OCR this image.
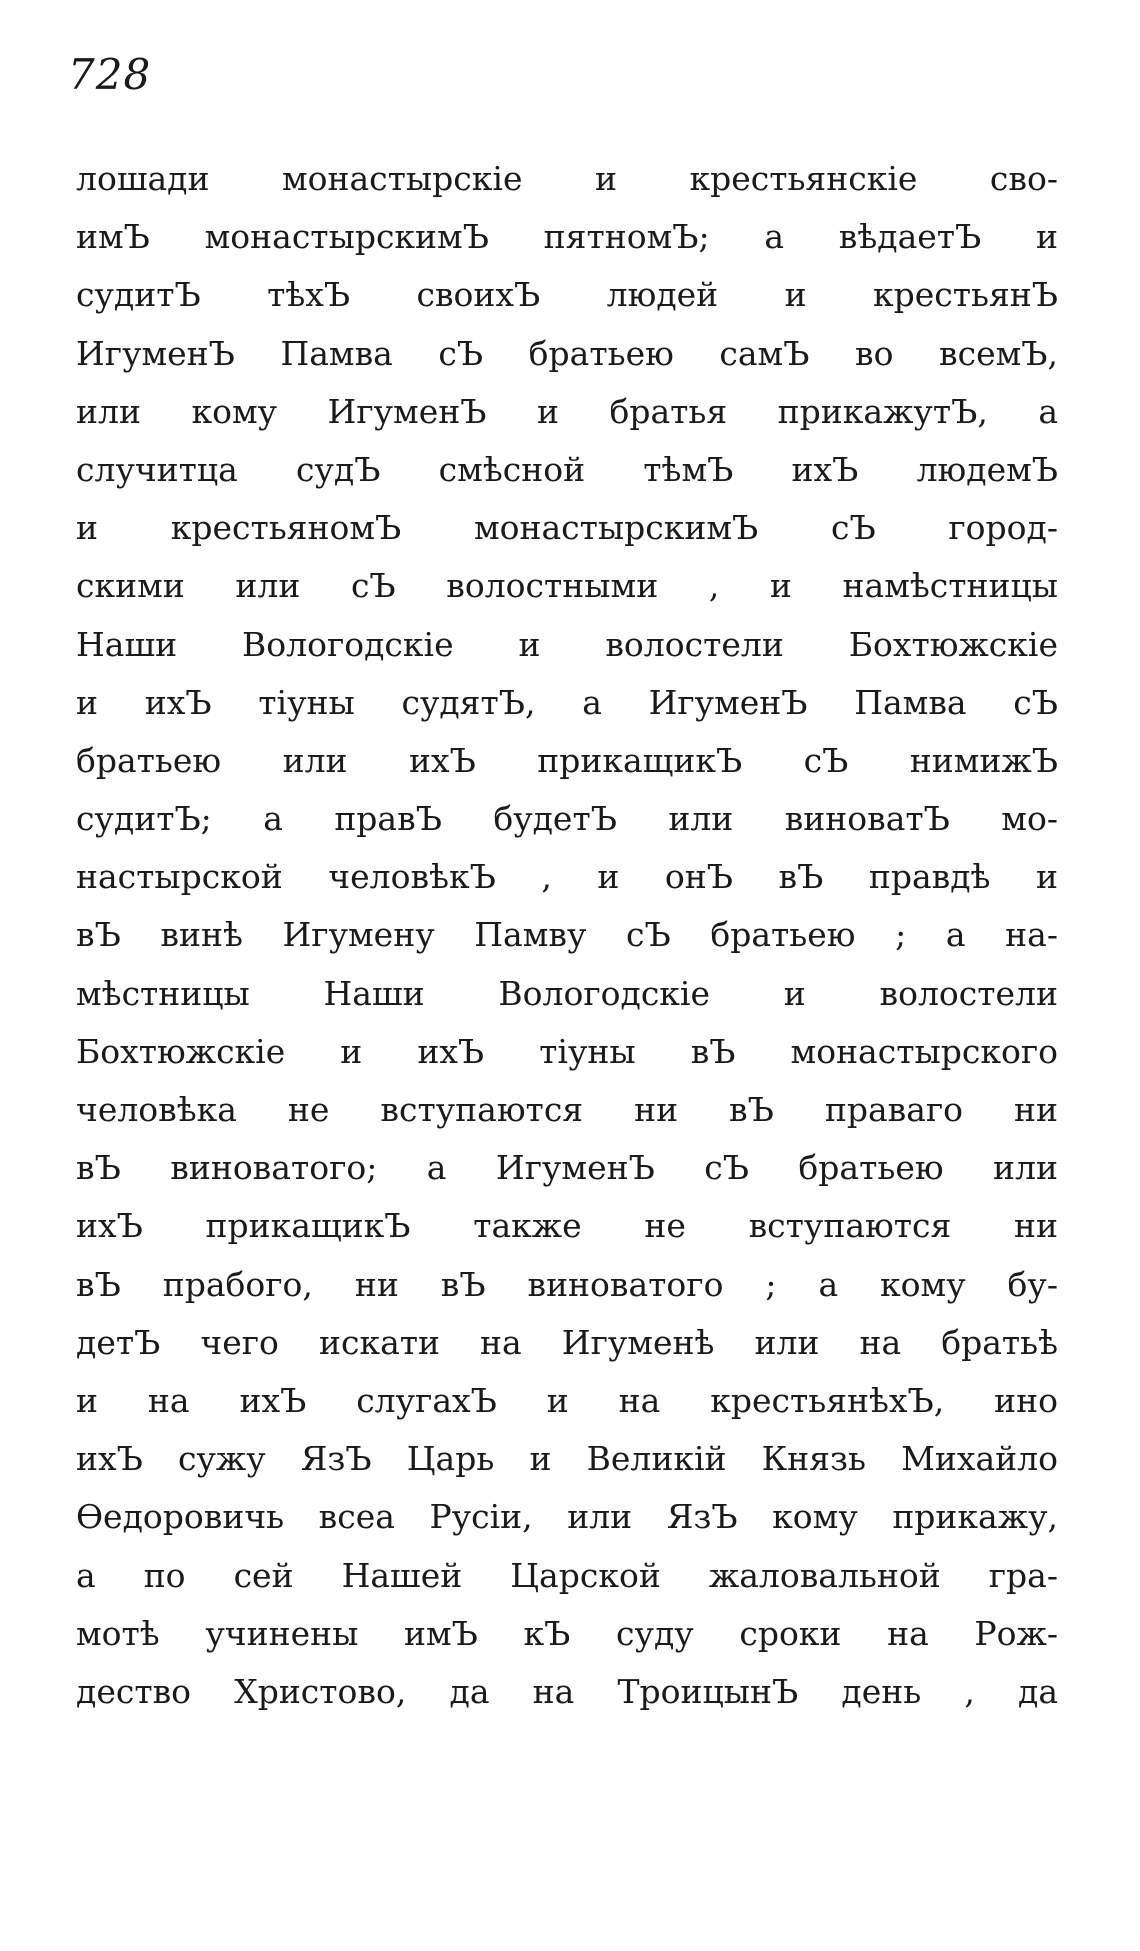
728
лошади монастырскіе и крестьянскіе сво-
имЪ монастырскимЪ пятномЪ; а вѣдаетЪ и
судитЪ тѣхЪ своихЪ людей и крестьянЪ
ИгуменЪ Памва сЪ братьею самЪ во всемЪ,
или кому ИгуменЪ и братья прикажутЪ, а
случитца судЪ смѣсной тѣмЪ ихЪ людемЪ
и крестьяномЪ монастырскимЪ сЪ город-
скими или сЪ волостными , и намѣстницы
Наши Вологодскіе и волостели Бохтюжскіе
и ихЪ тіуны судятЪ, а ИгуменЪ Памва сЪ
братьею или ихЪ прикащикЪ сЪ нимижЪ
судитЪ; а правЪ будетЪ или виноватЪ мо-
настырской человѣкЪ , и онЪ вЪ правдѣ и
вЪ винѣ Игумену Памву сЪ братьею ; а на-
мѣстницы Наши Вологодскіе и волостели
Бохтюжскіе и ихЪ тіуны вЪ монастырского
человѣка не вступаются ни вЪ праваго ни
вЪ виноватого; а ИгуменЪ сЪ братьею или
ихЪ прикащикЪ также не вступаются ни
вЪ прабого, ни вЪ виноватого ; а кому бу-
детЪ чего искати на Игуменѣ или на братьѣ
и на ихЪ слугахЪ и на крестьянѣхЪ, ино
ихЪ сужу ЯзЪ Царь и Великій Князь Михайло
Ѳедоровичь всеа Русіи, или ЯзЪ кому прикажу,
а по сей Нашей Царской жаловальной гра-
мотѣ учинены имЪ кЪ суду сроки на Рож-
дество Христово, да на ТроицынЪ день , да
